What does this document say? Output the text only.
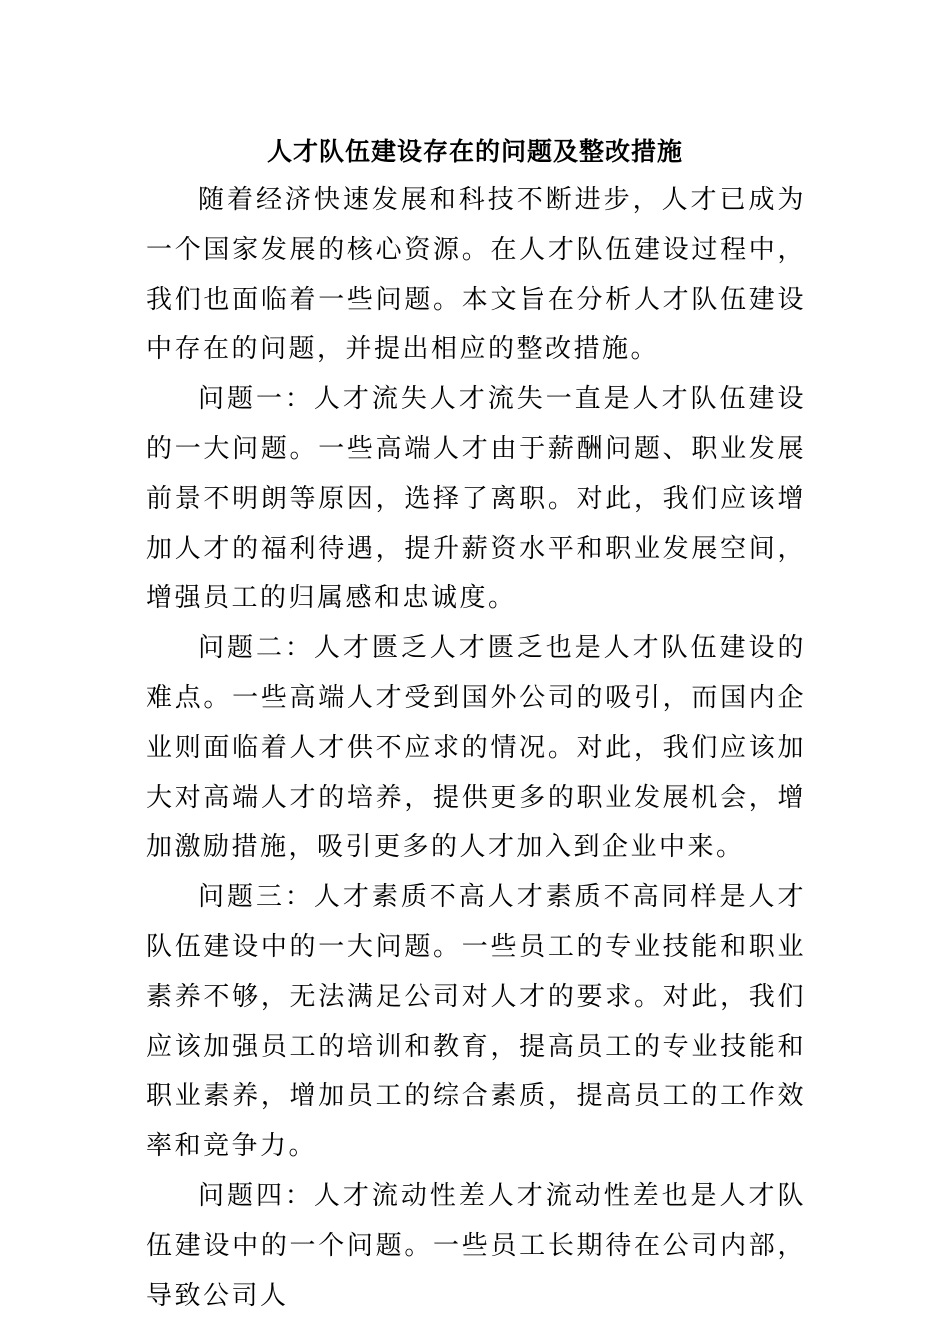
人才队伍建设存在的问题及整改措施

随着经济快速发展和科技不断进步，人才已成为一个国家发展的核心资源。在人才队伍建设过程中，我们也面临着一些问题。本文旨在分析人才队伍建设中存在的问题，并提出相应的整改措施。

问题一：人才流失人才流失一直是人才队伍建设的一大问题。一些高端人才由于薪酬问题、职业发展前景不明朗等原因，选择了离职。对此，我们应该增加人才的福利待遇，提升薪资水平和职业发展空间，增强员工的归属感和忠诚度。

问题二：人才匮乏人才匮乏也是人才队伍建设的难点。一些高端人才受到国外公司的吸引，而国内企业则面临着人才供不应求的情况。对此，我们应该加大对高端人才的培养，提供更多的职业发展机会，增加激励措施，吸引更多的人才加入到企业中来。

问题三：人才素质不高人才素质不高同样是人才队伍建设中的一大问题。一些员工的专业技能和职业素养不够，无法满足公司对人才的要求。对此，我们应该加强员工的培训和教育，提高员工的专业技能和职业素养，增加员工的综合素质，提高员工的工作效率和竞争力。

问题四：人才流动性差人才流动性差也是人才队伍建设中的一个问题。一些员工长期待在公司内部，导致公司人
